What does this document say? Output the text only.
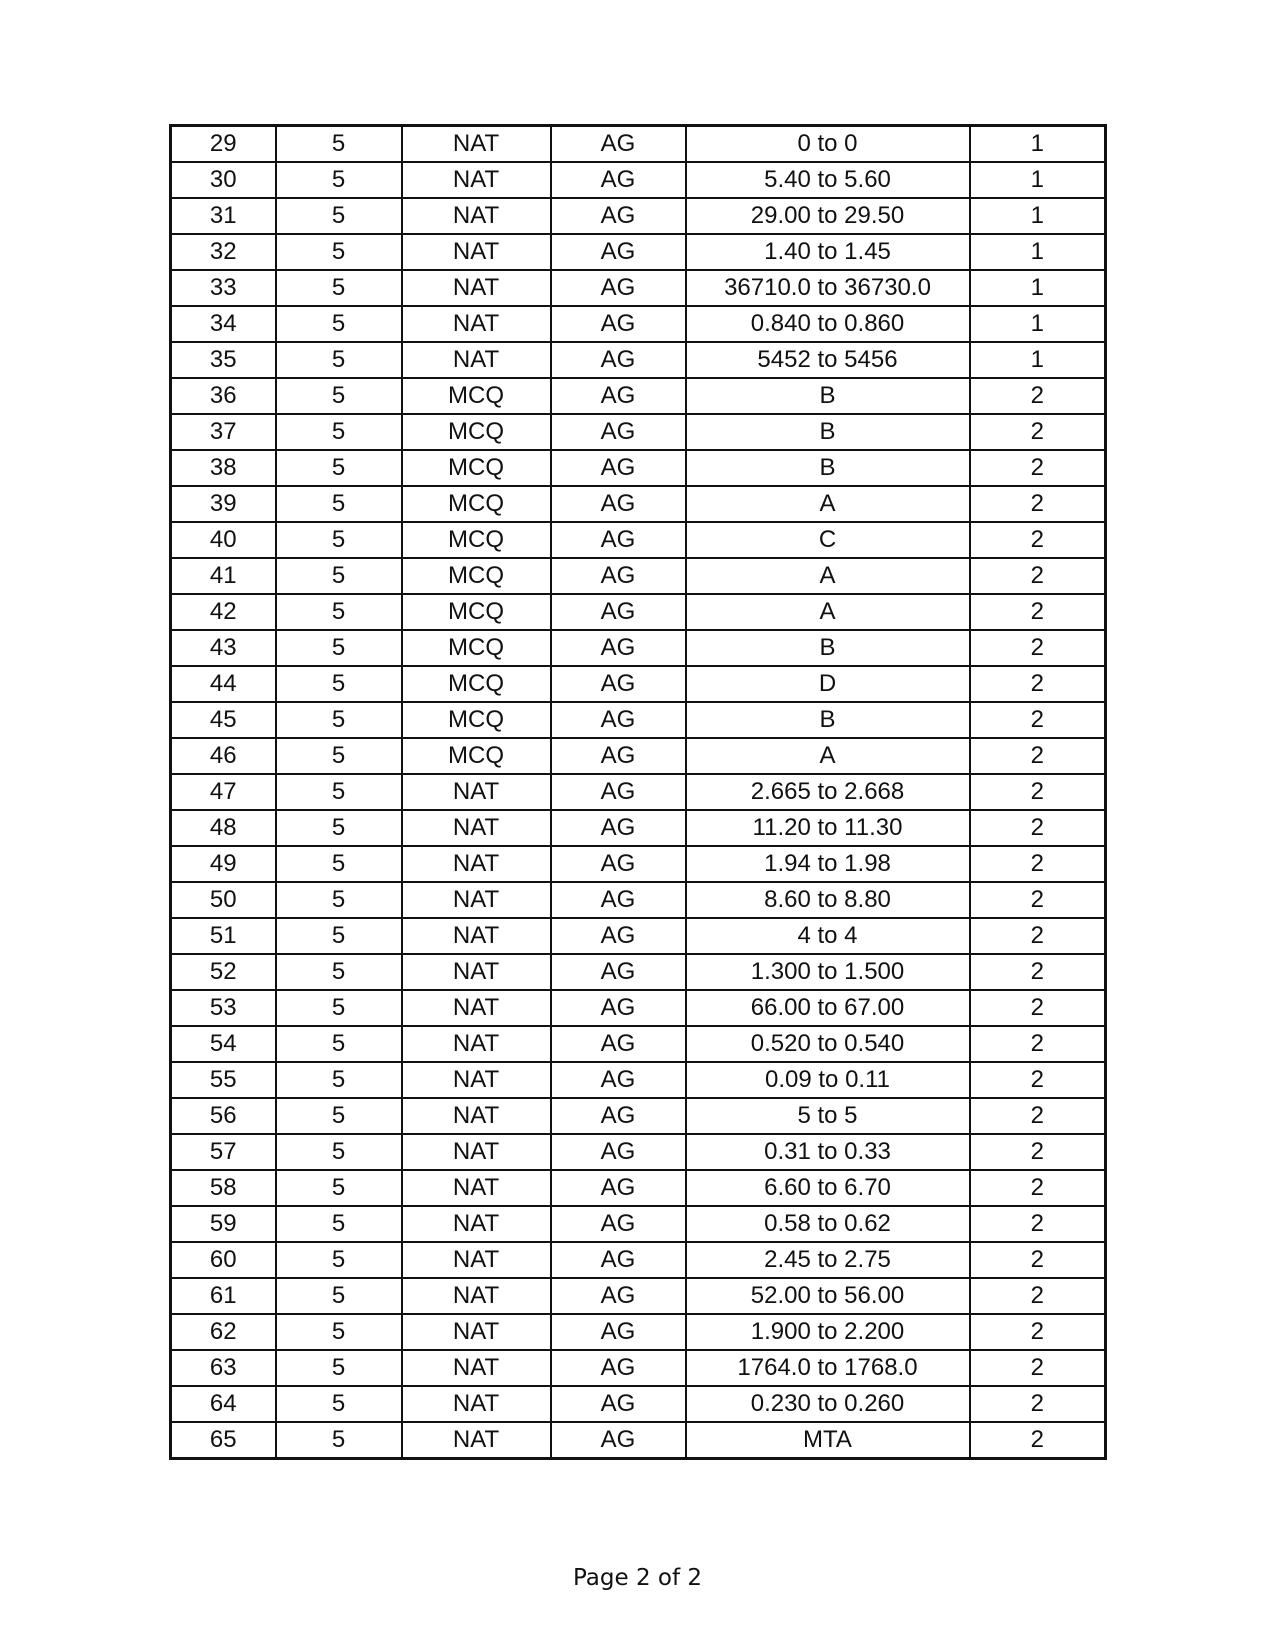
29	5	NAT	AG	0 to 0	1
30	5	NAT	AG	5.40 to 5.60	1
31	5	NAT	AG	29.00 to 29.50	1
32	5	NAT	AG	1.40 to 1.45	1
33	5	NAT	AG	36710.0 to 36730.0	1
34	5	NAT	AG	0.840 to 0.860	1
35	5	NAT	AG	5452 to 5456	1
36	5	MCQ	AG	B	2
37	5	MCQ	AG	B	2
38	5	MCQ	AG	B	2
39	5	MCQ	AG	A	2
40	5	MCQ	AG	C	2
41	5	MCQ	AG	A	2
42	5	MCQ	AG	A	2
43	5	MCQ	AG	B	2
44	5	MCQ	AG	D	2
45	5	MCQ	AG	B	2
46	5	MCQ	AG	A	2
47	5	NAT	AG	2.665 to 2.668	2
48	5	NAT	AG	11.20 to 11.30	2
49	5	NAT	AG	1.94 to 1.98	2
50	5	NAT	AG	8.60 to 8.80	2
51	5	NAT	AG	4 to 4	2
52	5	NAT	AG	1.300 to 1.500	2
53	5	NAT	AG	66.00 to 67.00	2
54	5	NAT	AG	0.520 to 0.540	2
55	5	NAT	AG	0.09 to 0.11	2
56	5	NAT	AG	5 to 5	2
57	5	NAT	AG	0.31 to 0.33	2
58	5	NAT	AG	6.60 to 6.70	2
59	5	NAT	AG	0.58 to 0.62	2
60	5	NAT	AG	2.45 to 2.75	2
61	5	NAT	AG	52.00 to 56.00	2
62	5	NAT	AG	1.900 to 2.200	2
63	5	NAT	AG	1764.0 to 1768.0	2
64	5	NAT	AG	0.230 to 0.260	2
65	5	NAT	AG	MTA	2
Page 2 of 2
